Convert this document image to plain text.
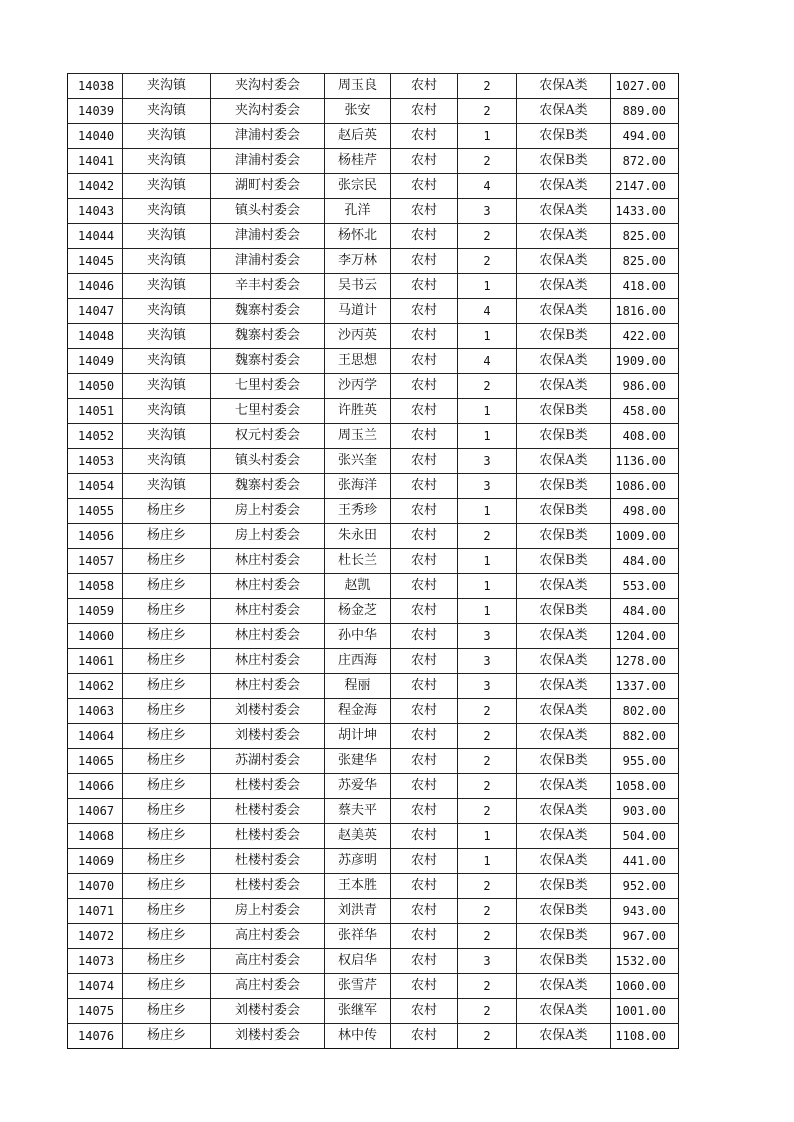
14038	夹沟镇	夹沟村委会	周玉良	农村	2	农保A类	1027.00
14039	夹沟镇	夹沟村委会	张安	农村	2	农保A类	889.00
14040	夹沟镇	津浦村委会	赵后英	农村	1	农保B类	494.00
14041	夹沟镇	津浦村委会	杨桂芹	农村	2	农保B类	872.00
14042	夹沟镇	湖町村委会	张宗民	农村	4	农保A类	2147.00
14043	夹沟镇	镇头村委会	孔洋	农村	3	农保A类	1433.00
14044	夹沟镇	津浦村委会	杨怀北	农村	2	农保A类	825.00
14045	夹沟镇	津浦村委会	李万林	农村	2	农保A类	825.00
14046	夹沟镇	辛丰村委会	吴书云	农村	1	农保A类	418.00
14047	夹沟镇	魏寨村委会	马道计	农村	4	农保A类	1816.00
14048	夹沟镇	魏寨村委会	沙丙英	农村	1	农保B类	422.00
14049	夹沟镇	魏寨村委会	王思想	农村	4	农保A类	1909.00
14050	夹沟镇	七里村委会	沙丙学	农村	2	农保A类	986.00
14051	夹沟镇	七里村委会	许胜英	农村	1	农保B类	458.00
14052	夹沟镇	权元村委会	周玉兰	农村	1	农保B类	408.00
14053	夹沟镇	镇头村委会	张兴奎	农村	3	农保A类	1136.00
14054	夹沟镇	魏寨村委会	张海洋	农村	3	农保B类	1086.00
14055	杨庄乡	房上村委会	王秀珍	农村	1	农保B类	498.00
14056	杨庄乡	房上村委会	朱永田	农村	2	农保B类	1009.00
14057	杨庄乡	林庄村委会	杜长兰	农村	1	农保B类	484.00
14058	杨庄乡	林庄村委会	赵凯	农村	1	农保A类	553.00
14059	杨庄乡	林庄村委会	杨金芝	农村	1	农保B类	484.00
14060	杨庄乡	林庄村委会	孙中华	农村	3	农保A类	1204.00
14061	杨庄乡	林庄村委会	庄西海	农村	3	农保A类	1278.00
14062	杨庄乡	林庄村委会	程丽	农村	3	农保A类	1337.00
14063	杨庄乡	刘楼村委会	程金海	农村	2	农保A类	802.00
14064	杨庄乡	刘楼村委会	胡计坤	农村	2	农保A类	882.00
14065	杨庄乡	苏湖村委会	张建华	农村	2	农保B类	955.00
14066	杨庄乡	杜楼村委会	苏爱华	农村	2	农保A类	1058.00
14067	杨庄乡	杜楼村委会	蔡夫平	农村	2	农保A类	903.00
14068	杨庄乡	杜楼村委会	赵美英	农村	1	农保A类	504.00
14069	杨庄乡	杜楼村委会	苏彦明	农村	1	农保A类	441.00
14070	杨庄乡	杜楼村委会	王本胜	农村	2	农保B类	952.00
14071	杨庄乡	房上村委会	刘洪青	农村	2	农保B类	943.00
14072	杨庄乡	高庄村委会	张祥华	农村	2	农保B类	967.00
14073	杨庄乡	高庄村委会	权启华	农村	3	农保B类	1532.00
14074	杨庄乡	高庄村委会	张雪芹	农村	2	农保A类	1060.00
14075	杨庄乡	刘楼村委会	张继军	农村	2	农保A类	1001.00
14076	杨庄乡	刘楼村委会	林中传	农村	2	农保A类	1108.00
